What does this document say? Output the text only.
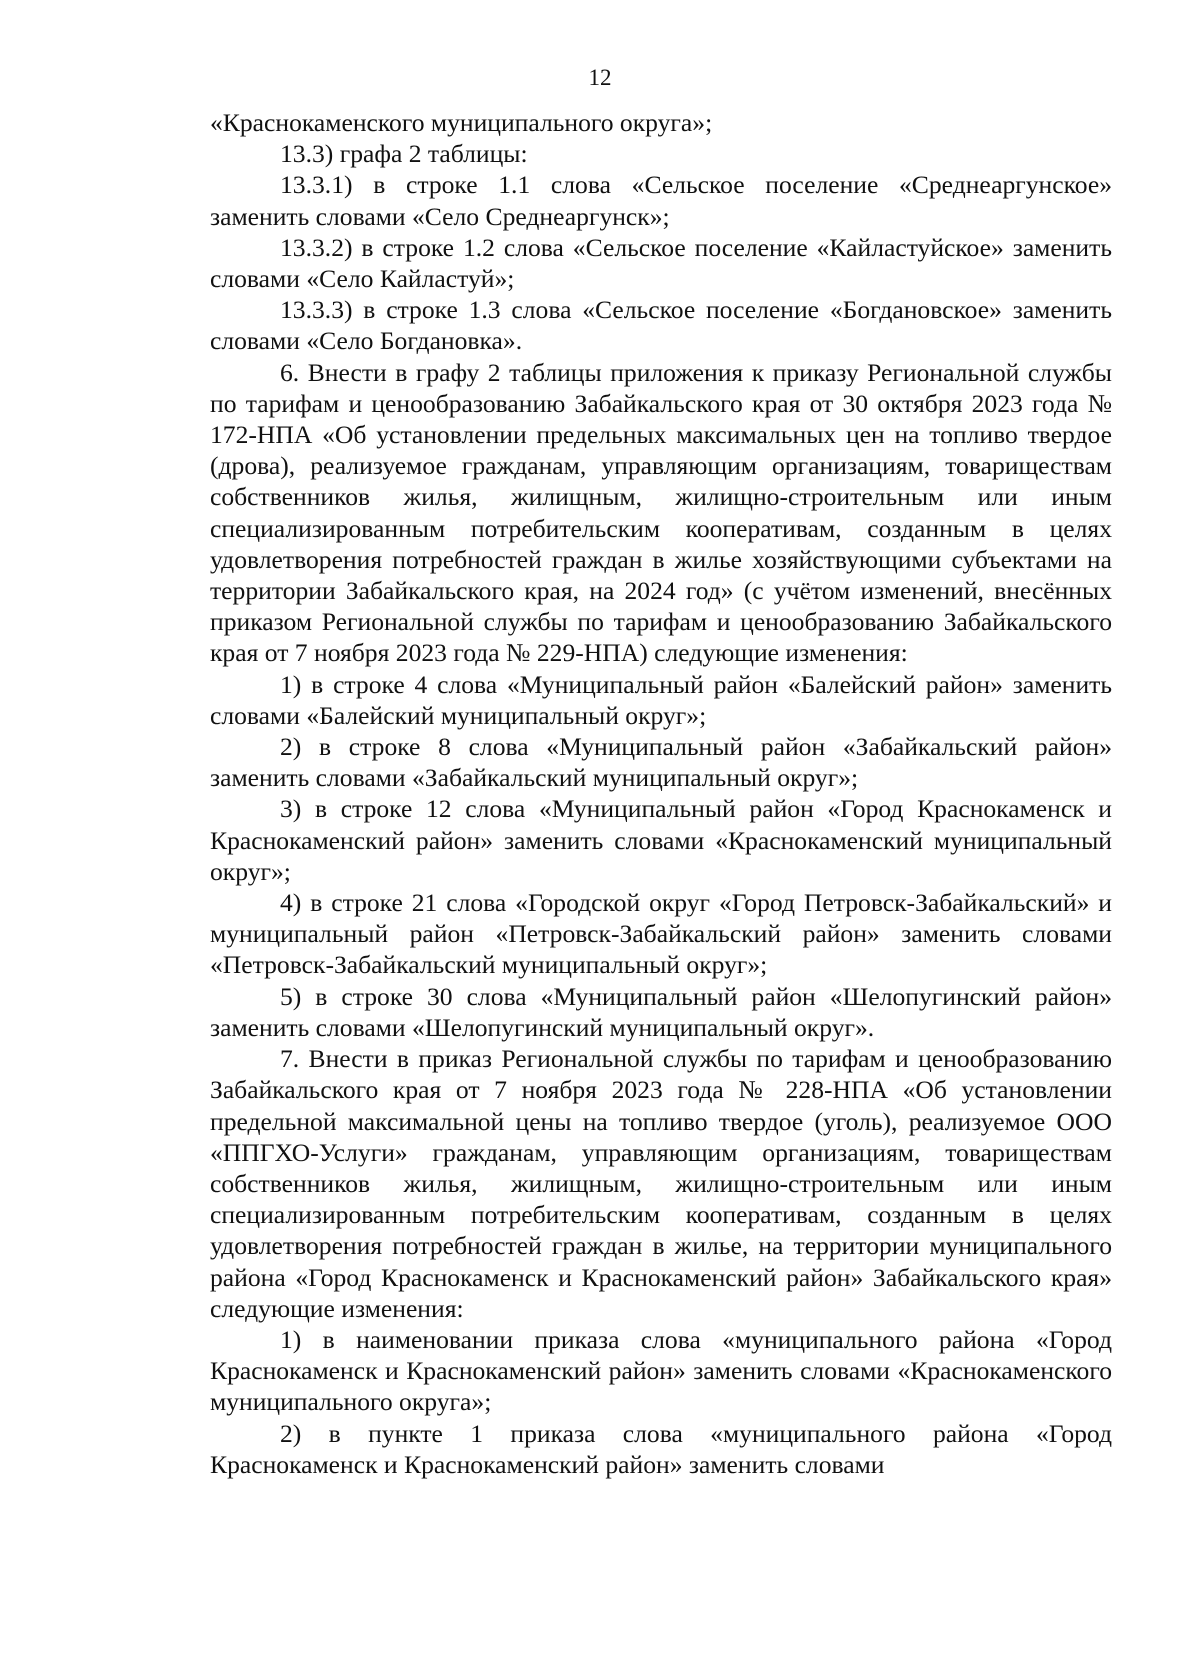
12

«Краснокаменского муниципального округа»;

13.3) графа 2 таблицы:

13.3.1) в строке 1.1 слова «Сельское поселение «Среднеаргунское» заменить словами «Село Среднеаргунск»;

13.3.2) в строке 1.2 слова «Сельское поселение «Кайластуйское» заменить словами «Село Кайластуй»;

13.3.3) в строке 1.3 слова «Сельское поселение «Богдановское» заменить словами «Село Богдановка».

6. Внести в графу 2 таблицы приложения к приказу Региональной службы по тарифам и ценообразованию Забайкальского края от 30 октября 2023 года № 172-НПА «Об установлении предельных максимальных цен на топливо твердое (дрова), реализуемое гражданам, управляющим организациям, товариществам собственников жилья, жилищным, жилищно-строительным или иным специализированным потребительским кооперативам, созданным в целях удовлетворения потребностей граждан в жилье хозяйствующими субъектами на территории Забайкальского края, на 2024 год» (с учётом изменений, внесённых приказом Региональной службы по тарифам и ценообразованию Забайкальского края от 7 ноября 2023 года № 229-НПА) следующие изменения:

1) в строке 4 слова «Муниципальный район «Балейский район» заменить словами «Балейский муниципальный округ»;

2) в строке 8 слова «Муниципальный район «Забайкальский район» заменить словами «Забайкальский муниципальный округ»;

3) в строке 12 слова «Муниципальный район «Город Краснокаменск и Краснокаменский район» заменить словами «Краснокаменский муниципальный округ»;

4) в строке 21 слова «Городской округ «Город Петровск-Забайкальский» и муниципальный район «Петровск-Забайкальский район» заменить словами «Петровск-Забайкальский муниципальный округ»;

5) в строке 30 слова «Муниципальный район «Шелопугинский район» заменить словами «Шелопугинский муниципальный округ».

7. Внести в приказ Региональной службы по тарифам и ценообразованию Забайкальского края от 7 ноября 2023 года № 228-НПА «Об установлении предельной максимальной цены на топливо твердое (уголь), реализуемое ООО «ППГХО-Услуги» гражданам, управляющим организациям, товариществам собственников жилья, жилищным, жилищно-строительным или иным специализированным потребительским кооперативам, созданным в целях удовлетворения потребностей граждан в жилье, на территории муниципального района «Город Краснокаменск и Краснокаменский район» Забайкальского края» следующие изменения:

1) в наименовании приказа слова «муниципального района «Город Краснокаменск и Краснокаменский район» заменить словами «Краснокаменского муниципального округа»;

2) в пункте 1 приказа слова «муниципального района «Город Краснокаменск и Краснокаменский район» заменить словами
